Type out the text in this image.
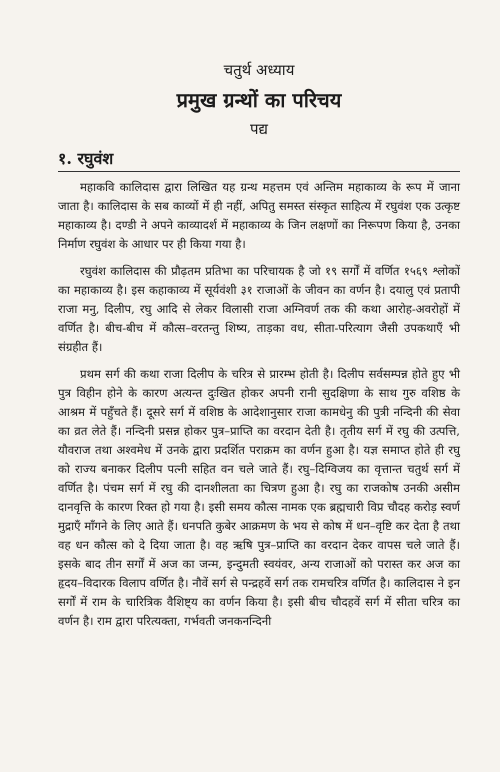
चतुर्थ अध्याय
प्रमुख ग्रन्थों का परिचय
पद्य
१. रघुवंश

महाकवि कालिदास द्वारा लिखित यह ग्रन्थ महत्तम एवं अन्तिम महाकाव्य के रूप में जाना जाता है। कालिदास के सब काव्यों में ही नहीं, अपितु समस्त संस्कृत साहित्य में रघुवंश एक उत्कृष्ट महाकाव्य है। दण्डी ने अपने काव्यादर्श में महाकाव्य के जिन लक्षणों का निरूपण किया है, उनका निर्माण रघुवंश के आधार पर ही किया गया है।

रघुवंश कालिदास की प्रौढ़तम प्रतिभा का परिचायक है जो १९ सर्गों में वर्णित १५६९ श्लोकों का महाकाव्य है। इस कहाकाव्य में सूर्यवंशी ३१ राजाओं के जीवन का वर्णन है। दयालु एवं प्रतापी राजा मनु, दिलीप, रघु आदि से लेकर विलासी राजा अग्निवर्ण तक की कथा आरोह-अवरोहों में वर्णित है। बीच-बीच में कौत्स–वरतन्तु शिष्य, ताड़का वध, सीता-परित्याग जैसी उपकथाएँ भी संग्रहीत हैं।

प्रथम सर्ग की कथा राजा दिलीप के चरित्र से प्रारम्भ होती है। दिलीप सर्वसम्पन्न होते हुए भी पुत्र विहीन होने के कारण अत्यन्त दुःखित होकर अपनी रानी सुदक्षिणा के साथ गुरु वशिष्ठ के आश्रम में पहुँचते हैं। दूसरे सर्ग में वशिष्ठ के आदेशानुसार राजा कामधेनु की पुत्री नन्दिनी की सेवा का व्रत लेते हैं। नन्दिनी प्रसन्न होकर पुत्र–प्राप्ति का वरदान देती है। तृतीय सर्ग में रघु की उत्पत्ति, यौवराज तथा अश्वमेध में उनके द्वारा प्रदर्शित पराक्रम का वर्णन हुआ है। यज्ञ समाप्त होते ही रघु को राज्य बनाकर दिलीप पत्नी सहित वन चले जाते हैं। रघु–दिग्विजय का वृत्तान्त चतुर्थ सर्ग में वर्णित है। पंचम सर्ग में रघु की दानशीलता का चित्रण हुआ है। रघु का राजकोष उनकी असीम दानवृत्ति के कारण रिक्त हो गया है। इसी समय कौत्स नामक एक ब्रह्मचारी विप्र चौदह करोड़ स्वर्ण मुद्राएँ माँगने के लिए आते हैं। धनपति कुबेर आक्रमण के भय से कोष में धन–वृष्टि कर देता है तथा वह धन कौत्स को दे दिया जाता है। वह ऋषि पुत्र–प्राप्ति का वरदान देकर वापस चले जाते हैं। इसके बाद तीन सर्गों में अज का जन्म, इन्दुमती स्वयंवर, अन्य राजाओं को परास्त कर अज का हृदय–विदारक विलाप वर्णित है। नौवें सर्ग से पन्द्रहवें सर्ग तक रामचरित्र वर्णित है। कालिदास ने इन सर्गों में राम के चारित्रिक वैशिष्ट्य का वर्णन किया है। इसी बीच चौदहवें सर्ग में सीता चरित्र का वर्णन है। राम द्वारा परित्यक्ता, गर्भवती जनकनन्दिनी
